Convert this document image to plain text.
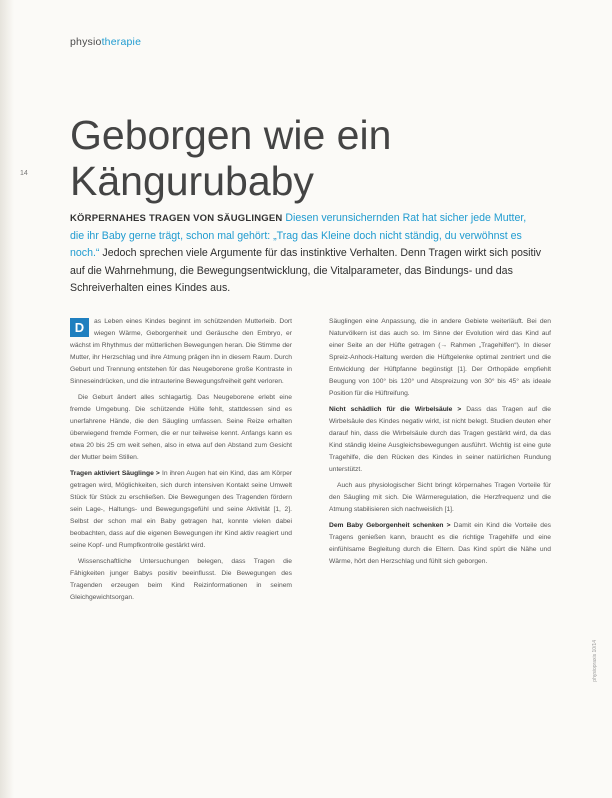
physiotherapie
14
Geborgen wie ein Kängurubaby

KÖRPERNAHES TRAGEN VON SÄUGLINGEN Diesen verunsichernden Rat hat sicher jede Mutter, die ihr Baby gerne trägt, schon mal gehört: „Trag das Kleine doch nicht ständig, du verwöhnst es noch.“ Jedoch sprechen viele Argumente für das instinktive Verhalten. Denn Tragen wirkt sich positiv auf die Wahrnehmung, die Bewegungsentwicklung, die Vitalparameter, das Bindungs- und das Schreiverhalten eines Kindes aus.

D	as Leben eines Kindes beginnt im schützenden Mutterleib. Dort wiegen Wärme, Geborgenheit und Geräusche den Embryo, er wächst im Rhythmus der mütterlichen Bewegungen heran. Die Stimme der Mutter, ihr Herzschlag und ihre Atmung prägen ihn in diesem Raum. Durch Geburt und Trennung entstehen für das Neugeborene große Kontraste in Sinneseindrücken, und die intrauterine Bewegungsfreiheit geht verloren.

Die Geburt ändert alles schlagartig. Das Neugeborene erlebt eine fremde Umgebung. Die schützende Hülle fehlt, stattdessen sind es unerfahrene Hände, die den Säugling umfassen. Seine Reize erhalten überwiegend fremde Formen, die er nur teilweise kennt. Anfangs kann es etwa 20 bis 25 cm weit sehen, also in etwa auf den Abstand zum Gesicht der Mutter beim Stillen.

Tragen aktiviert Säuglinge > In ihren Augen hat ein Kind, das am Körper getragen wird, Möglichkeiten, sich durch intensiven Kontakt seine Umwelt Stück für Stück zu erschließen. Die Bewegungen des Tragenden fördern sein Lage-, Haltungs- und Bewegungsgefühl und seine Aktivität [1, 2]. Selbst der schon mal ein Baby getragen hat, konnte vielen dabei beobachten, dass auf die eigenen Bewegungen ihr Kind aktiv reagiert und seine Kopf- und Rumpfkontrolle gestärkt wird.

Wissenschaftliche Untersuchungen belegen, dass Tragen die Fähigkeiten junger Babys positiv beeinflusst. Die Bewegungen des Tragenden erzeugen beim Kind Reizinformationen in seinem Gleichgewichtsorgan.

Säuglingen eine Anpassung, die in andere Gebiete weiterläuft. Bei den Naturvölkern ist das auch so. Im Sinne der Evolution wird das Kind auf einer Seite an der Hüfte getragen (→ Rahmen „Tragehilfen“). In dieser Spreiz-Anhock-Haltung werden die Hüftgelenke optimal zentriert und die Entwicklung der Hüftpfanne begünstigt [1]. Der Orthopäde empfiehlt Beugung von 100° bis 120° und Abspreizung von 30° bis 45° als ideale Position für die Hüftreifung.

Nicht schädlich für die Wirbelsäule > Dass das Tragen auf die Wirbelsäule des Kindes negativ wirkt, ist nicht belegt. Studien deuten eher darauf hin, dass die Wirbelsäule durch das Tragen gestärkt wird, da das Kind ständig kleine Ausgleichsbewegungen ausführt. Wichtig ist eine gute Tragehilfe, die den Rücken des Kindes in seiner natürlichen Rundung unterstützt.

Auch aus physiologischer Sicht bringt körpernahes Tragen Vorteile für den Säugling mit sich. Die Wärmeregulation, die Herzfrequenz und die Atmung stabilisieren sich nachweislich [1].

Dem Baby Geborgenheit schenken > Damit ein Kind die Vorteile des Tragens genießen kann, braucht es die richtige Tragehilfe und eine einfühlsame Begleitung durch die Eltern. Das Kind spürt die Nähe und Wärme, hört den Herzschlag und fühlt sich geborgen.

physiopraxis 10/14
